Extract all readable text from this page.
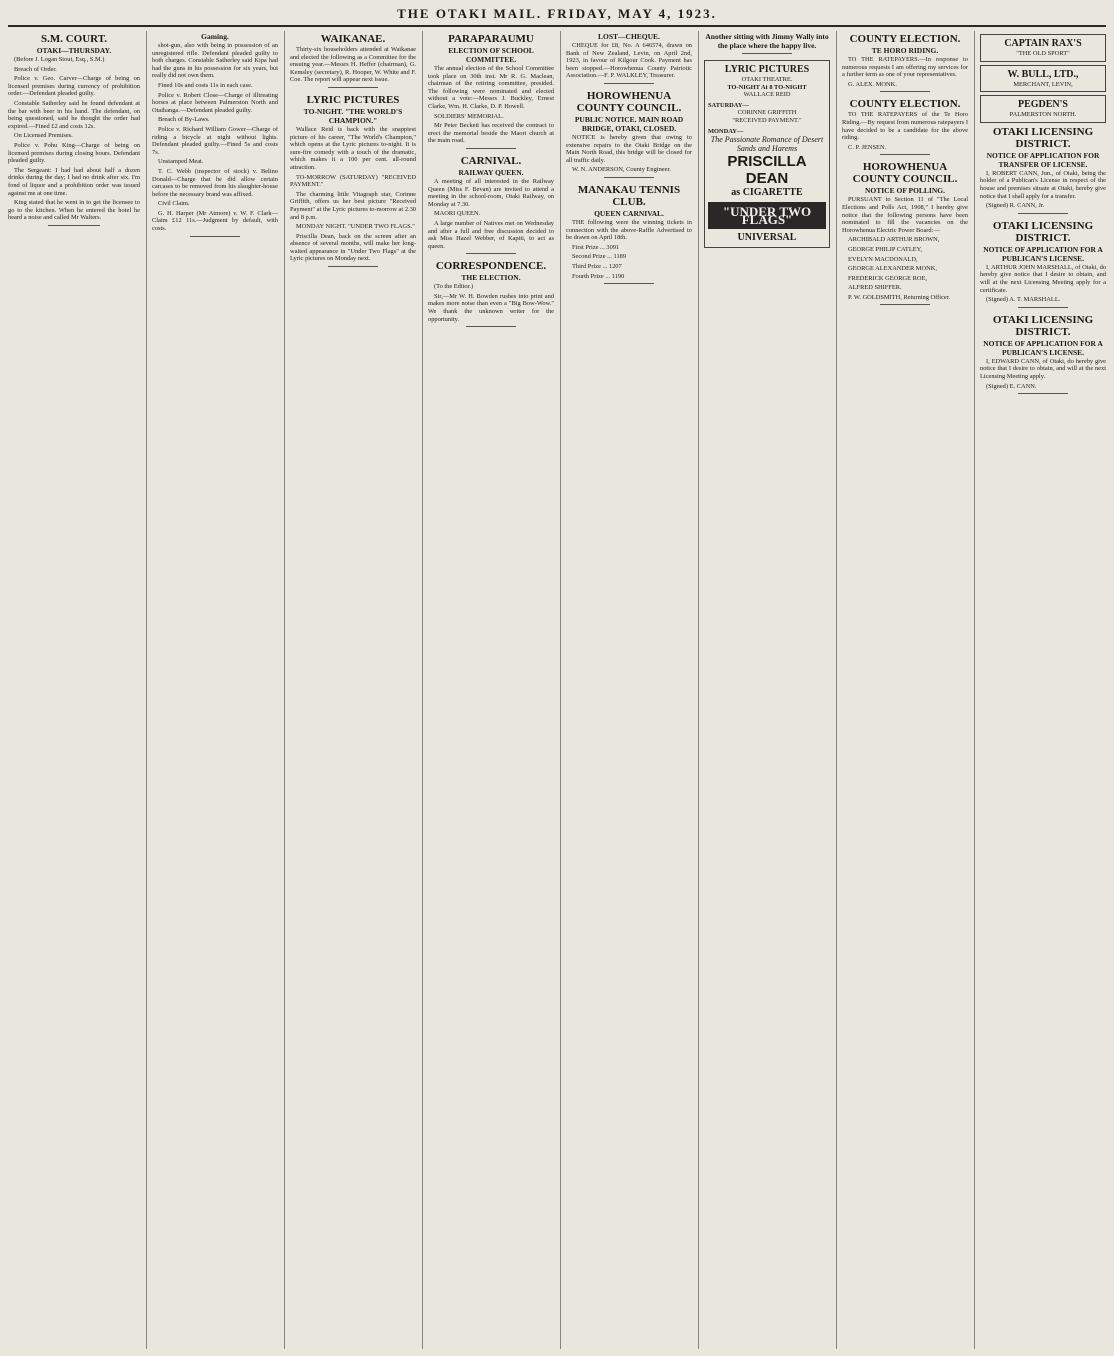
THE OTAKI MAIL. FRIDAY, MAY 4, 1923.
S.M. COURT.
OTAKI—THURSDAY.

(Before J. Logan Stout, Esq., S.M.)

Breach of Order.

Police v. Geo. Carver—Charge of being on licensed premises during currency of prohibition order.—Defendant pleaded guilty.

Constable Satherley said he found defendant at the bar with beer in his hand. The defendant, on being questioned, said he thought the order had expired.—Fined £2 and costs 12s.

On Licensed Premises.

Police v. Pohu King—Charge of being on licensed premises during closing hours. Defendant pleaded guilty.

The Sergeant: I had had about half a dozen drinks during the day; I had no drink after six. I'm fond of liquor and a prohibition order was issued against me at one time.

King stated that he went in to get the licensee to go to the kitchen. When he entered the hotel he heard a noise and called Mr Walters.

Gaming.

shot-gun, also with being in possession of an unregistered rifle. Defendant pleaded guilty to both charges. Constable Satherley said Kipa had had the guns in his possession for six years, but really did not own them.

Fined 10s and costs 11s in each case.

Police v. Robert Close—Charge of illtreating horses at place between Palmerston North and Otaihanga.—Defendant pleaded guilty.

Breach of By-Laws.

Police v. Richard William Gower—Charge of riding a bicycle at night without lights. Defendant pleaded guilty.—Fined 5s and costs 7s.

Unstamped Meat.

T. C. Webb (inspector of stock) v. Belino Donald—Charge that he did allow certain carcases to be removed from his slaughter-house before the necessary brand was affixed.

Civil Claim.

G. H. Harper (Mr Atmore) v. W. F. Clark—Claim £12 11s.—Judgment by default, with costs.

WAIKANAE.

Thirty-six householders attended at Waikanae and elected the following as a Committee for the ensuing year.—Messrs H. Heffer (chairman), G. Kemsley (secretary), R. Hooper, W. White and F. Coe. The report will appear next issue.

LYRIC PICTURES
TO-NIGHT. "THE WORLD'S CHAMPION."

Wallace Reid is back with the snappiest picture of his career, "The World's Champion," which opens at the Lyric pictures to-night. It is sure-fire comedy with a touch of the dramatic, which makes it a 100 per cent. all-round attraction.

TO-MORROW (SATURDAY) "RECEIVED PAYMENT."

The charming little Vitagraph star, Corinne Griffith, offers us her best picture "Received Payment" at the Lyric pictures to-morrow at 2.30 and 8 p.m.

MONDAY NIGHT. "UNDER TWO FLAGS."

Priscilla Dean, back on the screen after an absence of several months, will make her long-waited appearance in "Under Two Flags" at the Lyric pictures on Monday next.

PARAPARAUMU
ELECTION OF SCHOOL COMMITTEE.

The annual election of the School Committee took place on 30th inst. Mr R. G. Maclean, chairman of the retiring committee, presided. The following were nominated and elected without a vote:—Messrs J. Buckley, Ernest Clarke, Wm. H. Clarke, D. P. Howell.

SOLDIERS' MEMORIAL.

Mr Peter Beckett has received the contract to erect the memorial beside the Maori church at the main road.

CARNIVAL.
RAILWAY QUEEN.

A meeting of all interested in the Railway Queen (Miss F. Bevan) are invited to attend a meeting in the school-room, Otaki Railway, on Monday at 7.30.

MAORI QUEEN.

A large number of Natives met on Wednesday and after a full and free discussion decided to ask Miss Hazel Webber, of Kapiti, to act as queen.

CORRESPONDENCE.
THE ELECTION.

(To the Editor.)

Sir,—Mr W. H. Bowden rushes into print and makes more noise than even a "Big Bow-Wow." We thank the unknown writer for the opportunity.

LOST—CHEQUE.

CHEQUE for £8, No. A 646574, drawn on Bank of New Zealand, Levin, on April 2nd, 1923, in favour of Kilgour Cook. Payment has been stopped.—Horowhenua County Patriotic Association.—F. P. WALKLEY, Treasurer.

HOROWHENUA COUNTY COUNCIL.
PUBLIC NOTICE. MAIN ROAD BRIDGE, OTAKI, CLOSED.

NOTICE is hereby given that owing to extensive repairs to the Otaki Bridge on the Main North Road, this bridge will be closed for all traffic daily.

W. N. ANDERSON, County Engineer.

MANAKAU TENNIS CLUB.
QUEEN CARNIVAL.

THE following were the winning tickets in connection with the above-Raffle Advertised to be drawn on April 18th.

First Prize ... 3091

Second Prize ... 1189

Third Prize ... 1207

Fourth Prize ... 1190

Another sitting with Jimmy Wally into the place where the happy live.
LYRIC PICTURES
OTAKI THEATRE.
TO-NIGHT At 8 TO-NIGHT
WALLACE REID
SATURDAY—
CORINNE GRIFFITH
"RECEIVED PAYMENT."
MONDAY—
The Passionate Romance of Desert Sands and Harems
PRISCILLA DEAN
as CIGARETTE
"UNDER TWO FLAGS"
UNIVERSAL
COUNTY ELECTION.
TE HORO RIDING.

TO THE RATEPAYERS.—In response to numerous requests I am offering my services for a further term as one of your representatives.

G. ALEX. MONK.

COUNTY ELECTION.

TO THE RATEPAYERS of the Te Horo Riding.—By request from numerous ratepayers I have decided to be a candidate for the above riding.

C. P. JENSEN.

HOROWHENUA COUNTY COUNCIL.
NOTICE OF POLLING.

PURSUANT to Section 11 of "The Local Elections and Polls Act, 1908," I hereby give notice that the following persons have been nominated to fill the vacancies on the Horowhenua Electric Power Board:—

ARCHIBALD ARTHUR BROWN,

GEORGE PHILIP CATLEY,

EVELYN MACDONALD,

GEORGE ALEXANDER MONK,

FREDERICK GEORGE ROE,

ALFRED SHIFFER.

P. W. GOLDSMITH, Returning Officer.

CAPTAIN RAX'S
"THE OLD SPORT"
W. BULL, LTD.,
MERCHANT, LEVIN,
PEGDEN'S
PALMERSTON NORTH.
OTAKI LICENSING DISTRICT.
NOTICE OF APPLICATION FOR TRANSFER OF LICENSE.

I, ROBERT CANN, Jun., of Otaki, being the holder of a Publican's License in respect of the house and premises situate at Otaki, hereby give notice that I shall apply for a transfer.

(Signed) R. CANN, Jr.

OTAKI LICENSING DISTRICT.
NOTICE OF APPLICATION FOR A PUBLICAN'S LICENSE.

I, ARTHUR JOHN MARSHALL, of Otaki, do hereby give notice that I desire to obtain, and will at the next Licensing Meeting apply for a certificate.

(Signed) A. T. MARSHALL.

OTAKI LICENSING DISTRICT.
NOTICE OF APPLICATION FOR A PUBLICAN'S LICENSE.

I, EDWARD CANN, of Otaki, do hereby give notice that I desire to obtain, and will at the next Licensing Meeting apply.

(Signed) E. CANN.
